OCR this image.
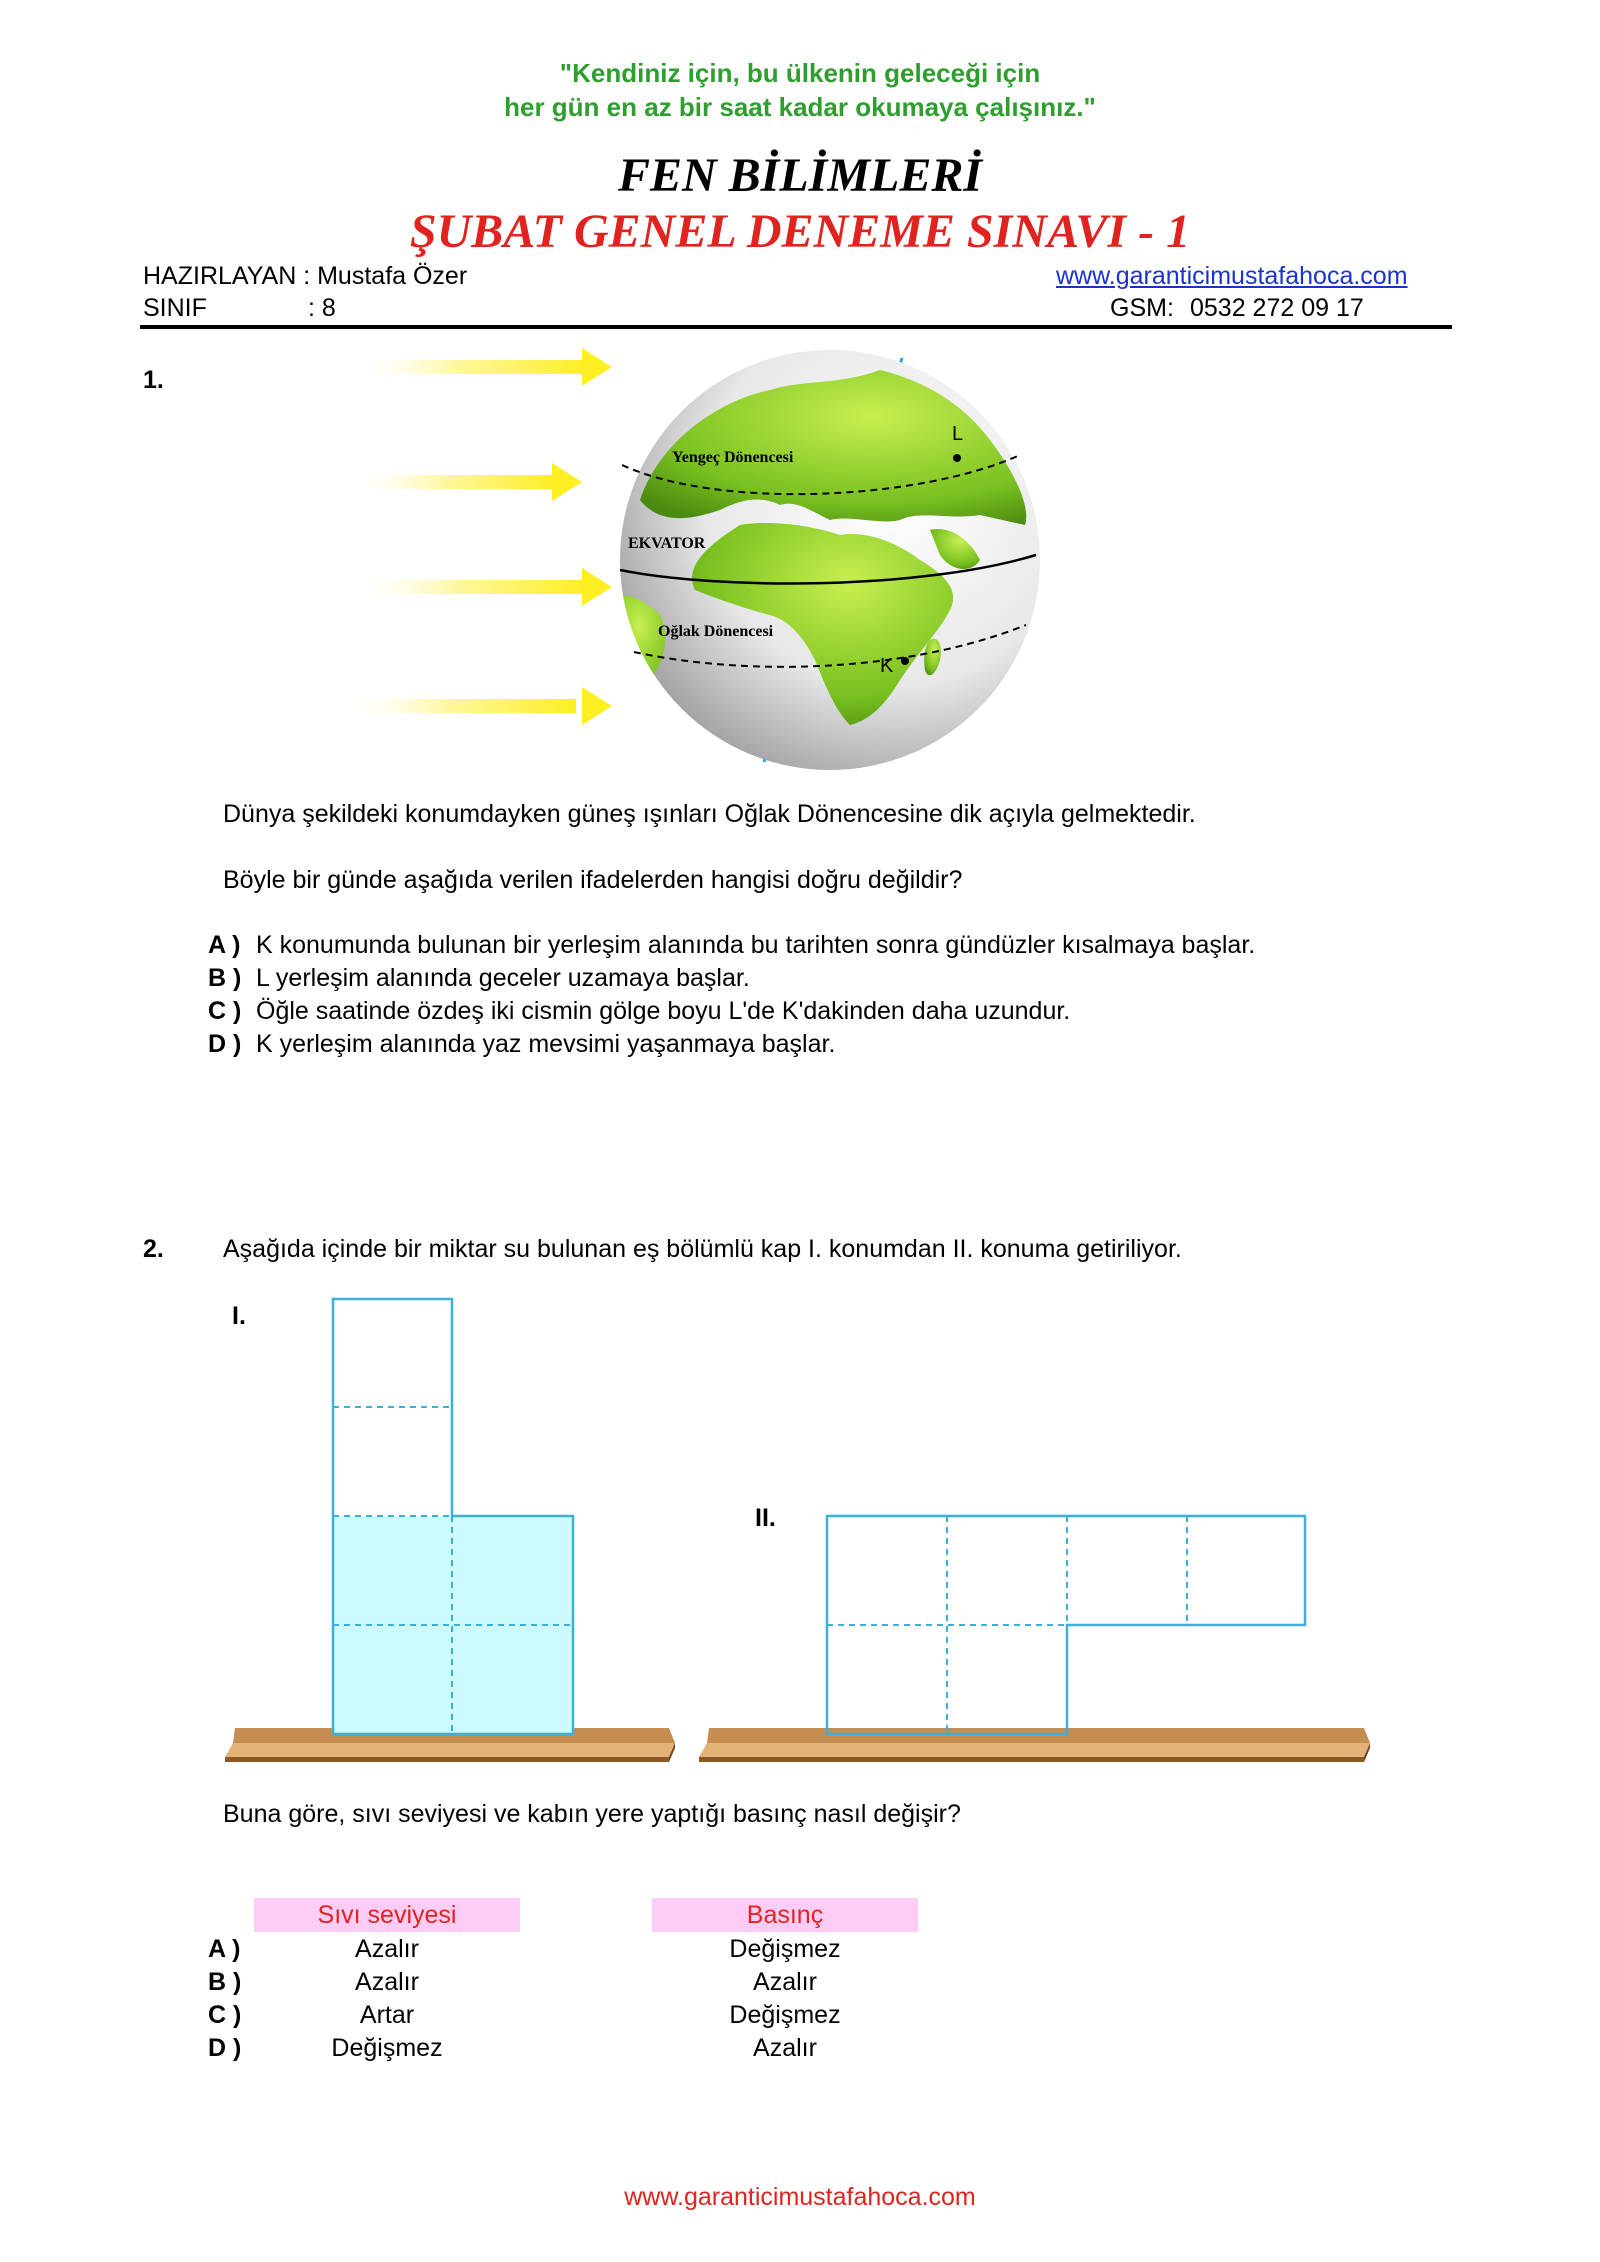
"Kendiniz için, bu ülkenin geleceği için
her gün en az bir saat kadar okumaya çalışınız."
FEN BİLİMLERİ
ŞUBAT GENEL DENEME SINAVI - 1
HAZIRLAYAN : Mustafa Özer	www.garanticimustafahoca.com
SINIF	: 8	GSM: 0532 272 09 17
1.
Yengeç Dönencesi
EKVATOR
Oğlak Dönencesi
L
K
Dünya şekildeki konumdayken güneş ışınları Oğlak Dönencesine dik açıyla gelmektedir.
Böyle bir günde aşağıda verilen ifadelerden hangisi doğru değildir?
A ) K konumunda bulunan bir yerleşim alanında bu tarihten sonra gündüzler kısalmaya başlar.
B ) L yerleşim alanında geceler uzamaya başlar.
C ) Öğle saatinde özdeş iki cismin gölge boyu L'de K'dakinden daha uzundur.
D ) K yerleşim alanında yaz mevsimi yaşanmaya başlar.
2. Aşağıda içinde bir miktar su bulunan eş bölümlü kap I. konumdan II. konuma getiriliyor.
I.
II.
Buna göre, sıvı seviyesi ve kabın yere yaptığı basınç nasıl değişir?
Sıvı seviyesi	Basınç
A )	Azalır	Değişmez
B )	Azalır	Azalır
C )	Artar	Değişmez
D )	Değişmez	Azalır
www.garanticimustafahoca.com
